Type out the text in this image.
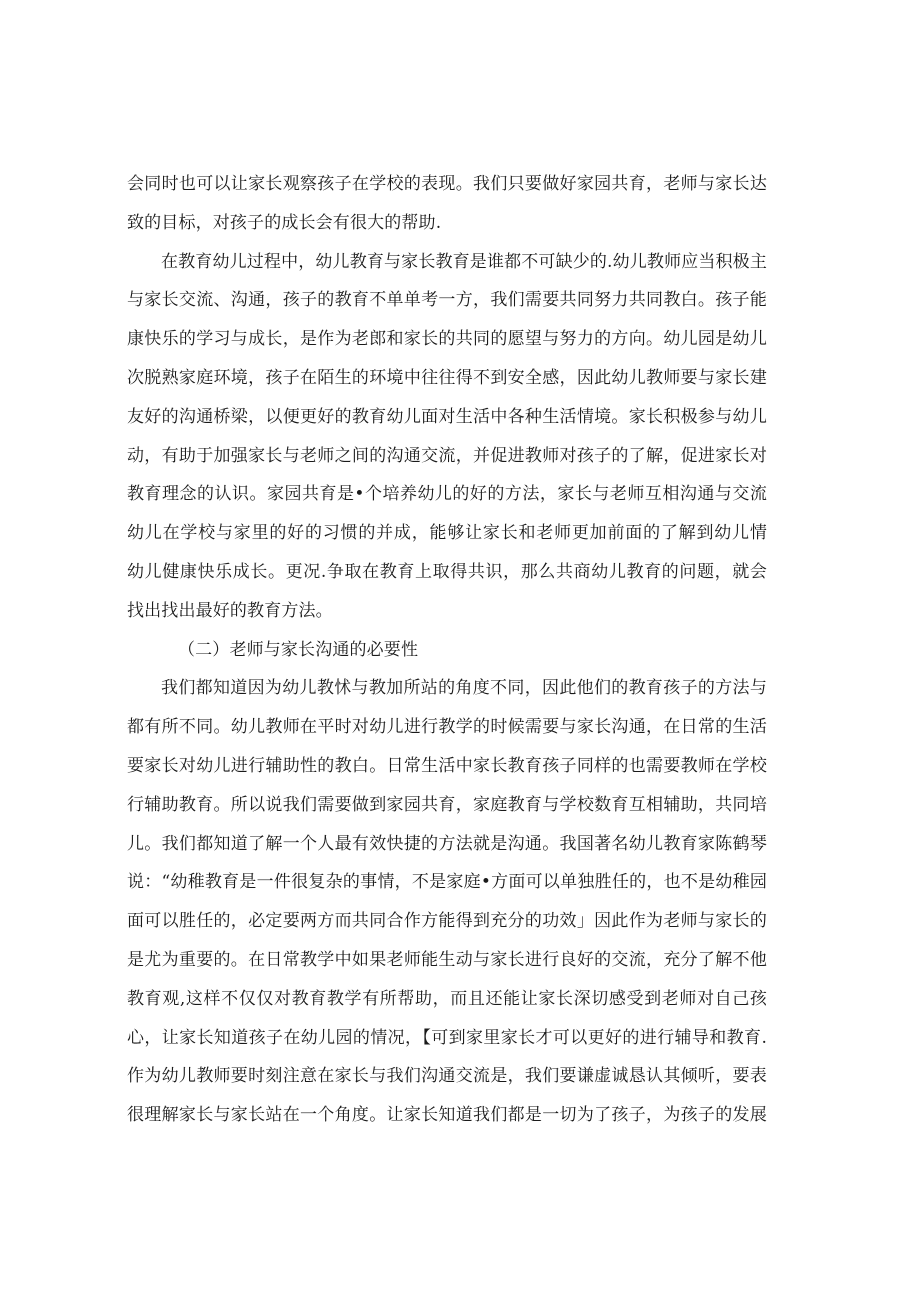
会同时也可以让家长观察孩子在学校的表现。我们只要做好家园共育，老师与家长达
致的目标，对孩子的成长会有很大的帮助.
在教育幼儿过程中，幼儿教育与家长教育是谁都不可缺少的.幼儿教师应当积极主
与家长交流、沟通，孩子的教育不单单考一方，我们需要共同努力共同教白。孩子能
康快乐的学习与成长，是作为老郎和家长的共同的愿望与努力的方向。幼儿园是幼儿
次脱熟家庭环境，孩子在陌生的环境中往往得不到安全感，因此幼儿教师要与家长建
友好的沟通桥梁，以便更好的教育幼儿面对生活中各种生活情境。家长积极参与幼儿
动，有助于加强家长与老师之间的沟通交流，并促进教师对孩子的了解，促进家长对
教育理念的认识。家园共育是•个培养幼儿的好的方法，家长与老师互相沟通与交流
幼儿在学校与家里的好的习惯的并成，能够让家长和老师更加前面的了解到幼儿情
幼儿健康快乐成长。更况.争取在教育上取得共识，那么共商幼儿教育的问题，就会
找出找出最好的教育方法。
（二）老师与家长沟通的必要性
我们都知道因为幼儿教怵与教加所站的角度不同，因此他们的教育孩子的方法与
都有所不同。幼儿教师在平时对幼儿进行教学的时候需要与家长沟通，在日常的生活
要家长对幼儿进行辅助性的教白。日常生活中家长教育孩子同样的也需要教师在学校
行辅助教育。所以说我们需要做到家园共育，家庭教育与学校数育互相辅助，共同培
儿。我们都知道了解一个人最有效快捷的方法就是沟通。我国著名幼儿教育家陈鹤琴
说：“幼稚教育是一件很复杂的事情，不是家庭•方面可以单独胜任的，也不是幼稚园
面可以胜任的，必定要两方而共同合作方能得到充分的功效」因此作为老师与家长的
是尤为重要的。在日常教学中如果老师能生动与家长进行良好的交流，充分了解不他
教育观,这样不仅仅对教育教学有所帮助，而且还能让家长深切感受到老师对自己孩
心，让家长知道孩子在幼儿园的情况，【可到家里家长才可以更好的进行辅导和教育.
作为幼儿教师要时刻注意在家长与我们沟通交流是，我们要谦虚诚恳认其倾听，要表
很理解家长与家长站在一个角度。让家长知道我们都是一切为了孩子，为孩子的发展
